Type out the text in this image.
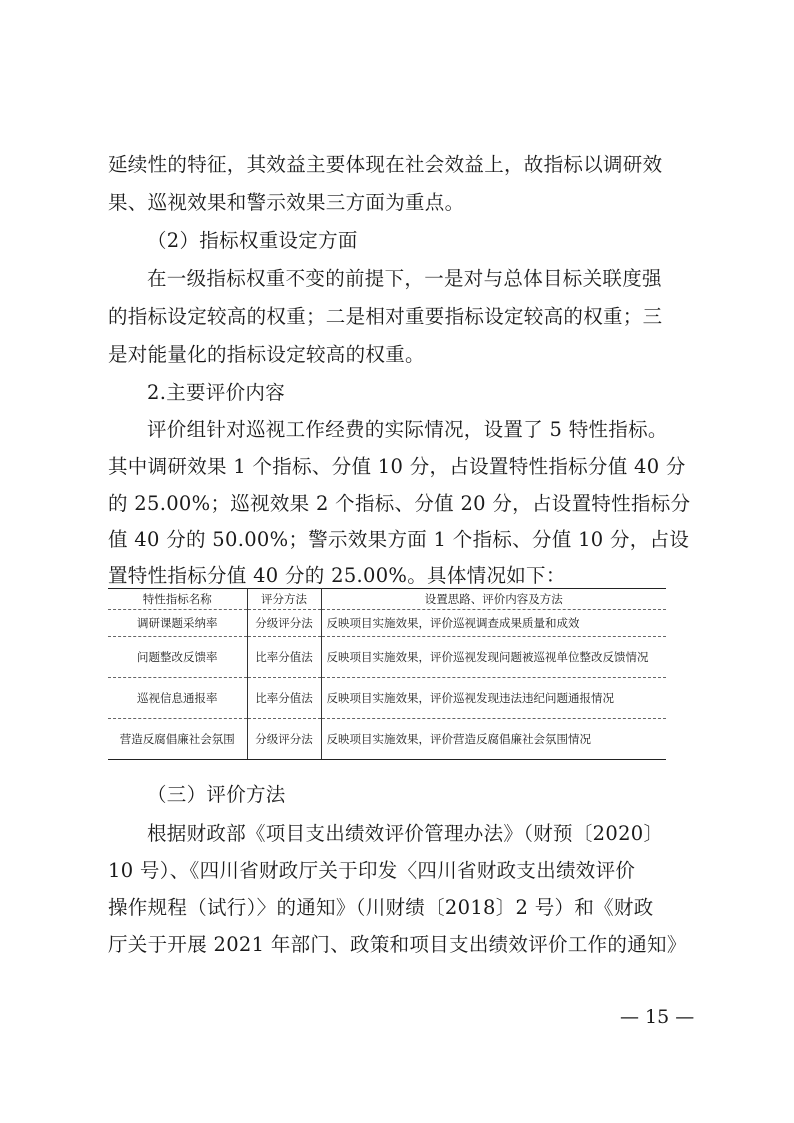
延续性的特征，其效益主要体现在社会效益上，故指标以调研效
果、巡视效果和警示效果三方面为重点。
（2）指标权重设定方面
在一级指标权重不变的前提下，一是对与总体目标关联度强
的指标设定较高的权重；二是相对重要指标设定较高的权重；三
是对能量化的指标设定较高的权重。
2.主要评价内容
评价组针对巡视工作经费的实际情况，设置了 5 特性指标。
其中调研效果 1 个指标、分值 10 分，占设置特性指标分值 40 分
的 25.00%；巡视效果 2 个指标、分值 20 分，占设置特性指标分
值 40 分的 50.00%；警示效果方面 1 个指标、分值 10 分，占设
置特性指标分值 40 分的 25.00%。具体情况如下：
特性指标名称	评分方法	设置思路、评价内容及方法
调研课题采纳率	分级评分法	反映项目实施效果，评价巡视调查成果质量和成效
问题整改反馈率	比率分值法	反映项目实施效果，评价巡视发现问题被巡视单位整改反馈情况
巡视信息通报率	比率分值法	反映项目实施效果，评价巡视发现违法违纪问题通报情况
营造反腐倡廉社会氛围	分级评分法	反映项目实施效果，评价营造反腐倡廉社会氛围情况
（三）评价方法
根据财政部《项目支出绩效评价管理办法》（财预〔2020〕
10 号）、《四川省财政厅关于印发〈四川省财政支出绩效评价
操作规程（试行）〉的通知》（川财绩〔2018〕2 号）和《财政
厅关于开展 2021 年部门、政策和项目支出绩效评价工作的通知》
— 15 —
